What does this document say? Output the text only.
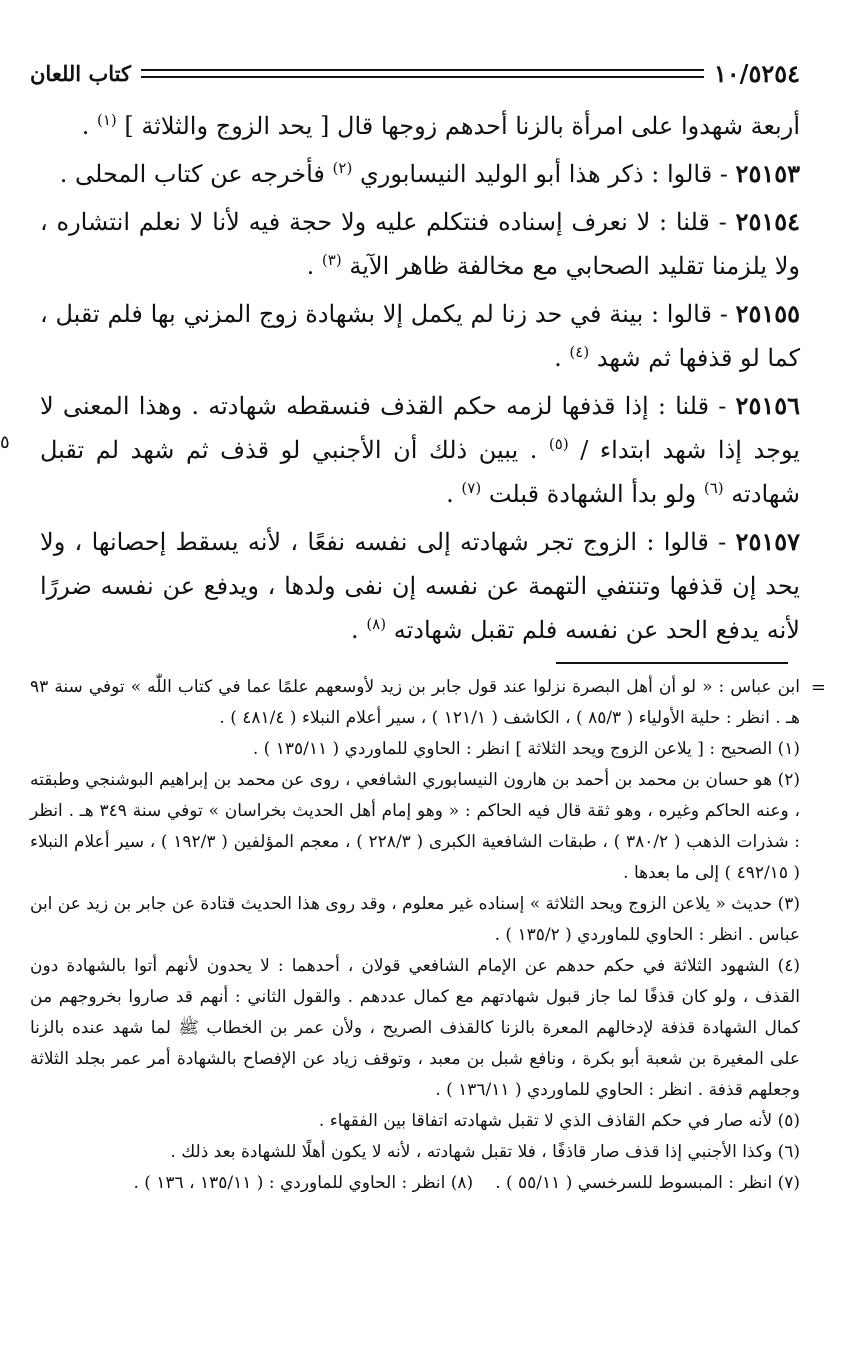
كتاب اللعان	١٠/٥٢٥٤
٥

أربعة شهدوا على امرأة بالزنا أحدهم زوجها قال [ يحد الزوج والثلاثة ] $^{(١)}$ .

٢٥١٥٣ - قالوا : ذكر هذا أبو الوليد النيسابوري $^{(٢)}$ فأخرجه عن كتاب المحلى .

٢٥١٥٤ - قلنا : لا نعرف إسناده فنتكلم عليه ولا حجة فيه لأنا لا نعلم انتشاره ، ولا يلزمنا تقليد الصحابي مع مخالفة ظاهر الآية $^{(٣)}$ .

٢٥١٥٥ - قالوا : بينة في حد زنا لم يكمل إلا بشهادة زوج المزني بها فلم تقبل ، كما لو قذفها ثم شهد $^{(٤)}$ .

٢٥١٥٦ - قلنا : إذا قذفها لزمه حكم القذف فنسقطه شهادته . وهذا المعنى لا يوجد إذا شهد ابتداء / $^{(٥)}$ . يبين ذلك أن الأجنبي لو قذف ثم شهد لم تقبل شهادته $^{(٦)}$ ولو بدأ الشهادة قبلت $^{(٧)}$ .

٢٥١٥٧ - قالوا : الزوج تجر شهادته إلى نفسه نفعًا ، لأنه يسقط إحصانها ، ولا يحد إن قذفها وتنتفي التهمة عن نفسه إن نفى ولدها ، ويدفع عن نفسه ضررًا لأنه يدفع الحد عن نفسه فلم تقبل شهادته $^{(٨)}$ .

=
ابن عباس : « لو أن أهل البصرة نزلوا عند قول جابر بن زيد لأوسعهم علمًا عما في كتاب اللّٰه » توفي سنة ٩٣ هـ . انظر : حلية الأولياء ( ٨٥/٣ ) ، الكاشف ( ١٢١/١ ) ، سير أعلام النبلاء ( ٤٨١/٤ ) .

(١) الصحيح : [ يلاعن الزوج ويحد الثلاثة ] انظر : الحاوي للماوردي ( ١٣٥/١١ ) .

(٢) هو حسان بن محمد بن أحمد بن هارون النيسابوري الشافعي ، روى عن محمد بن إبراهيم البوشنجي وطبقته ، وعنه الحاكم وغيره ، وهو ثقة قال فيه الحاكم : « وهو إمام أهل الحديث بخراسان » توفي سنة ٣٤٩ هـ . انظر : شذرات الذهب ( ٣٨٠/٢ ) ، طبقات الشافعية الكبرى ( ٢٢٨/٣ ) ، معجم المؤلفين ( ١٩٢/٣ ) ، سير أعلام النبلاء ( ٤٩٢/١٥ ) إلى ما بعدها .

(٣) حديث « يلاعن الزوج ويحد الثلاثة » إسناده غير معلوم ، وقد روى هذا الحديث قتادة عن جابر بن زيد عن ابن عباس . انظر : الحاوي للماوردي ( ١٣٥/٢ ) .

(٤) الشهود الثلاثة في حكم حدهم عن الإمام الشافعي قولان ، أحدهما : لا يحدون لأنهم أتوا بالشهادة دون القذف ، ولو كان قذفًا لما جاز قبول شهادتهم مع كمال عددهم . والقول الثاني : أنهم قد صاروا بخروجهم من كمال الشهادة قذفة لإدخالهم المعرة بالزنا كالقذف الصريح ، ولأن عمر بن الخطاب ﷺ لما شهد عنده بالزنا على المغيرة بن شعبة أبو بكرة ، ونافع شبل بن معبد ، وتوقف زياد عن الإفصاح بالشهادة أمر عمر بجلد الثلاثة وجعلهم قذفة . انظر : الحاوي للماوردي ( ١٣٦/١١ ) .

(٥) لأنه صار في حكم القاذف الذي لا تقبل شهادته اتفاقا بين الفقهاء .

(٦) وكذا الأجنبي إذا قذف صار قاذفًا ، فلا تقبل شهادته ، لأنه لا يكون أهلًا للشهادة بعد ذلك .

(٧) انظر : المبسوط للسرخسي ( ٥٥/١١ ) .
(٨) انظر : الحاوي للماوردي : ( ١٣٥/١١ ، ١٣٦ ) .
